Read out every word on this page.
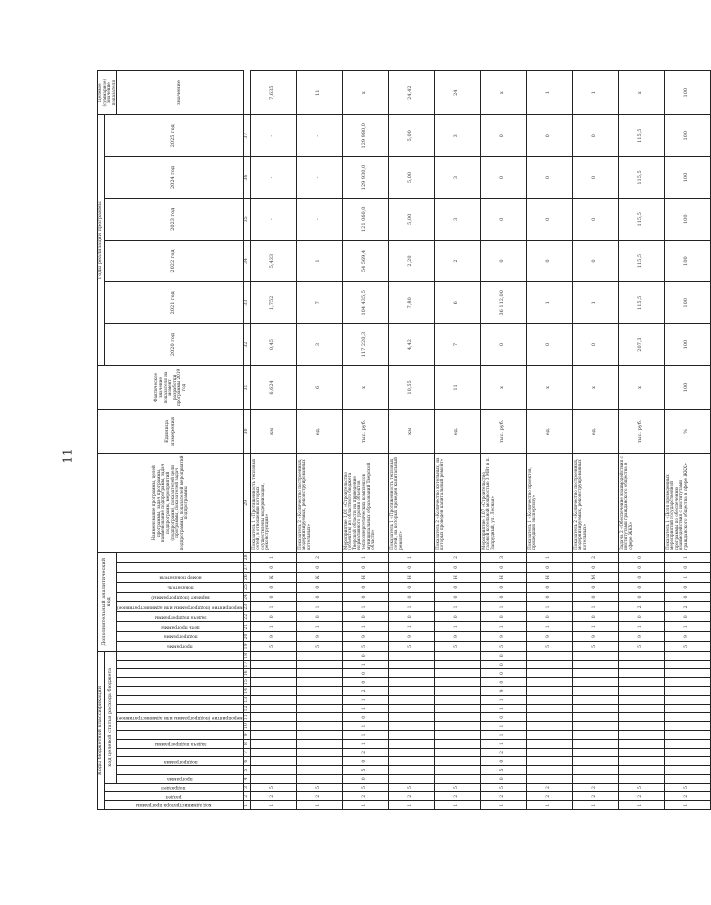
11
Коды бюджетной классификации																		Дополнительный аналитический код										Наименование программы, целей программы, задач программы, наименование подпрограмм, задач подпрограмм, мероприятий (подпрограмм), показателей цели программы, показателей задач подпрограммы, показателей мероприятий подпрограммы	Единица измерения	Фактическое значение показателя на момент разработки программы 2019 год	Годы реализации программы						Целевое (суммарное) значение показателя
код администратора программы	раздел	подраздел	код целевой статьи расхода бюджета																												2020 год	2021 год	2022 год	2023 год	2024 год	2025 год	
			программа		подпрограмма		задача подпрограммы			мероприятие (подпрограммы или административное)								программа	подпрограмма	цель программы	задача подпрограммы	мероприятие (подпрограммы или административное)	вариант (подпрограммы)	показатель	номер показателя												значение
1	2	3	4	5	6	7	8	9	10	11	12	13	14	15	16	17	18	19	20	21	22	23	24	25	26	27	28	29	30	31	32	33	34	35	36	37	
1	2	5																5	9	1	0	1	0	0	К	0	1	Показатель 1 «Протяженность тепловых сетей, в отношении которых осуществлены модернизация, реконструкция»	км	6,624	0,45	1,752	5,433	-	-	-	7,635
1	2	5																5	9	1	0	1	0	0	К	0	2	Показатель 2 «Количество построенных, модернизируемых, реконструированных котельных»	ед.	6	3	7	1	-	-	-	11
1	2	5	0	5	0	2	1	1	1	0	1	1	2	0	0	1	0	5	9	1	0	1	0	0	Н	0	1	Мероприятие 1.01 «Строительство (объектов) из областного бюджета Тверской области на приведение нормативного уровня объектов теплоэнергетических комплексов муниципальных образований Тверской области»	тыс. руб.	х	117 220,3	104 435,5	54 569,4	121 060,0	129 930,0	129 980,0	х
1	2	5																5	9	1	0	1	0	0	Н	0	1	Показатель 1 «Протяженность тепловых сетей, на которых проведен капитальный ремонт»	км	10,55	4,42	7,80	2,20	5,00	5,00	5,00	24,42
1	2	5																5	9	1	0	1	0	0	Н	0	2	Показатель 2 «Количество котельных, на которых проведен капитальный ремонт»	ед.	11	7	6	2	3	3	3	24
1	2	5	0	5	0	2	1	1	1	0	1	1	9	0	0	0	0	5	9	1	0	1	0	0	Н	0	3	Мероприятие 1.07 «Строительство газовой котельной мощностью 3 МВт в п. Запрудный, ул. Лесная»	тыс. руб.	х	0	36 112,00	0	0	0	0	х
1	2	2																5	9	1	0	1	0	0	Н	0	1	Показатель 1 «Количество проектов, прошедших экспертизу»	ед.	х	0	1	0	0	0	0	1
1	2	2																5	9	1	0	1	0	0	М	0	2	Показатель 2 «Количество построенных, модернизируемых, реконструированных котельных»	ед.	х	0	1	0	0	0	0	1
1	2	5																5	9	1	0	2	0	0	0	0	0	Задача 2 «Обеспечение взаимодействия с институтами гражданского общества в сфере ЖКХ»	тыс. руб.	х	207,3	115,5	115,5	115,5	115,5	115,5	х
1	2	5																5	9	1	0	2	0	0	1	0	1	Показатель 1 «Доля проведенных мероприятий государственной программы по обеспечению взаимодействия с институтами гражданского общества в сфере ЖКХ»	%	100	100	100	100	100	100	100	100
